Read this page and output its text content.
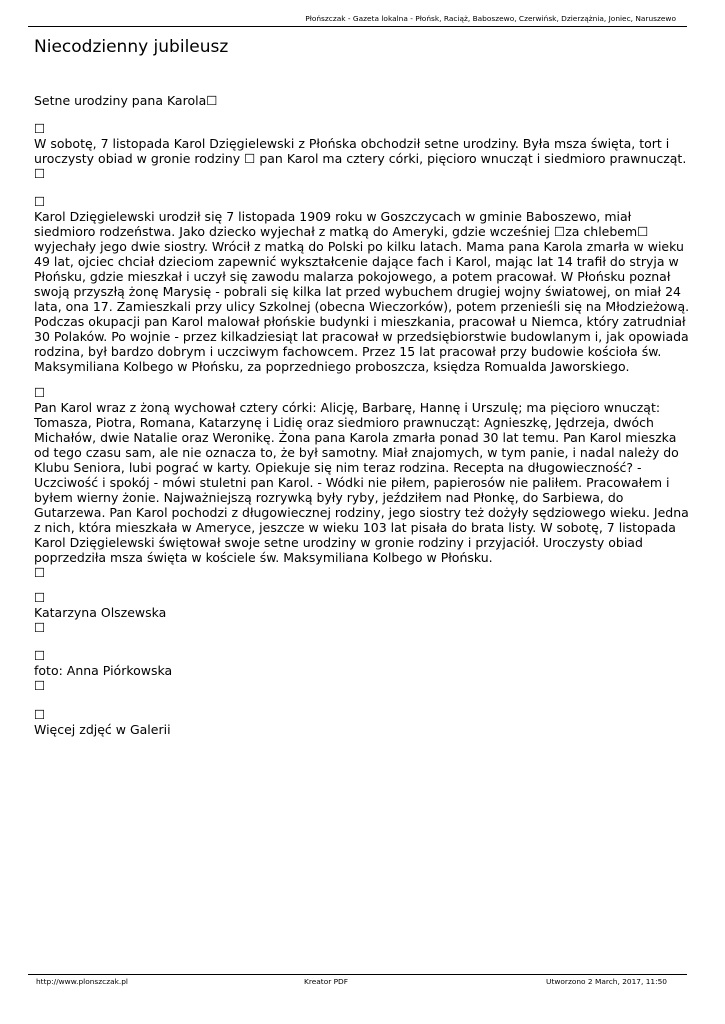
Płońszczak - Gazeta lokalna - Płońsk, Raciąż, Baboszewo, Czerwińsk, Dzierzążnia, Joniec, Naruszewo
Niecodzienny jubileusz

Setne urodziny pana Karola☐

☐
W sobotę, 7 listopada Karol Dzięgielewski z Płońska obchodził setne urodziny. Była msza święta, tort i uroczysty obiad w gronie rodziny ☐ pan Karol ma cztery córki, pięcioro wnucząt i siedmioro prawnucząt.
☐
☐
Karol Dzięgielewski urodził się 7 listopada 1909 roku w Goszczycach w gminie Baboszewo, miał siedmioro rodzeństwa. Jako dziecko wyjechał z matką do Ameryki, gdzie wcześniej ☐za chlebem☐ wyjechały jego dwie siostry. Wrócił z matką do Polski po kilku latach. Mama pana Karola zmarła w wieku 49 lat, ojciec chciał dzieciom zapewnić wykształcenie dające fach i Karol, mając lat 14 trafił do stryja w Płońsku, gdzie mieszkał i uczył się zawodu malarza pokojowego, a potem pracował. W Płońsku poznał swoją przyszłą żonę Marysię - pobrali się kilka lat przed wybuchem drugiej wojny światowej, on miał 24 lata, ona 17. Zamieszkali przy ulicy Szkolnej (obecna Wieczorków), potem przenieśli się na Młodzieżową. Podczas okupacji pan Karol malował płońskie budynki i mieszkania, pracował u Niemca, który zatrudniał 30 Polaków. Po wojnie - przez kilkadziesiąt lat pracował w przedsiębiorstwie budowlanym i, jak opowiada rodzina, był bardzo dobrym i uczciwym fachowcem. Przez 15 lat pracował przy budowie kościoła św. Maksymiliana Kolbego w Płońsku, za poprzedniego proboszcza, księdza Romualda Jaworskiego.
☐
Pan Karol wraz z żoną wychował cztery córki: Alicję, Barbarę, Hannę i Urszulę; ma pięcioro wnucząt: Tomasza, Piotra, Romana, Katarzynę i Lidię oraz siedmioro prawnucząt: Agnieszkę, Jędrzeja, dwóch Michałów, dwie Natalie oraz Weronikę. Żona pana Karola zmarła ponad 30 lat temu. Pan Karol mieszka od tego czasu sam, ale nie oznacza to, że był samotny. Miał znajomych, w tym panie, i nadal należy do Klubu Seniora, lubi pograć w karty. Opiekuje się nim teraz rodzina. Recepta na długowieczność? - Uczciwość i spokój - mówi stuletni pan Karol. - Wódki nie piłem, papierosów nie paliłem. Pracowałem i byłem wierny żonie. Najważniejszą rozrywką były ryby, jeździłem nad Płonkę, do Sarbiewa, do Gutarzewa. Pan Karol pochodzi z długowiecznej rodziny, jego siostry też dożyły sędziowego wieku. Jedna z nich, która mieszkała w Ameryce, jeszcze w wieku 103 lat pisała do brata listy. W sobotę, 7 listopada Karol Dzięgielewski świętował swoje setne urodziny w gronie rodziny i przyjaciół. Uroczysty obiad poprzedziła msza święta w kościele św. Maksymiliana Kolbego w Płońsku.
☐
☐
Katarzyna Olszewska
☐
☐
foto: Anna Piórkowska
☐
☐
Więcej zdjęć w Galerii
http://www.plonszczak.pl	Kreator PDF	Utworzono 2 March, 2017, 11:50
